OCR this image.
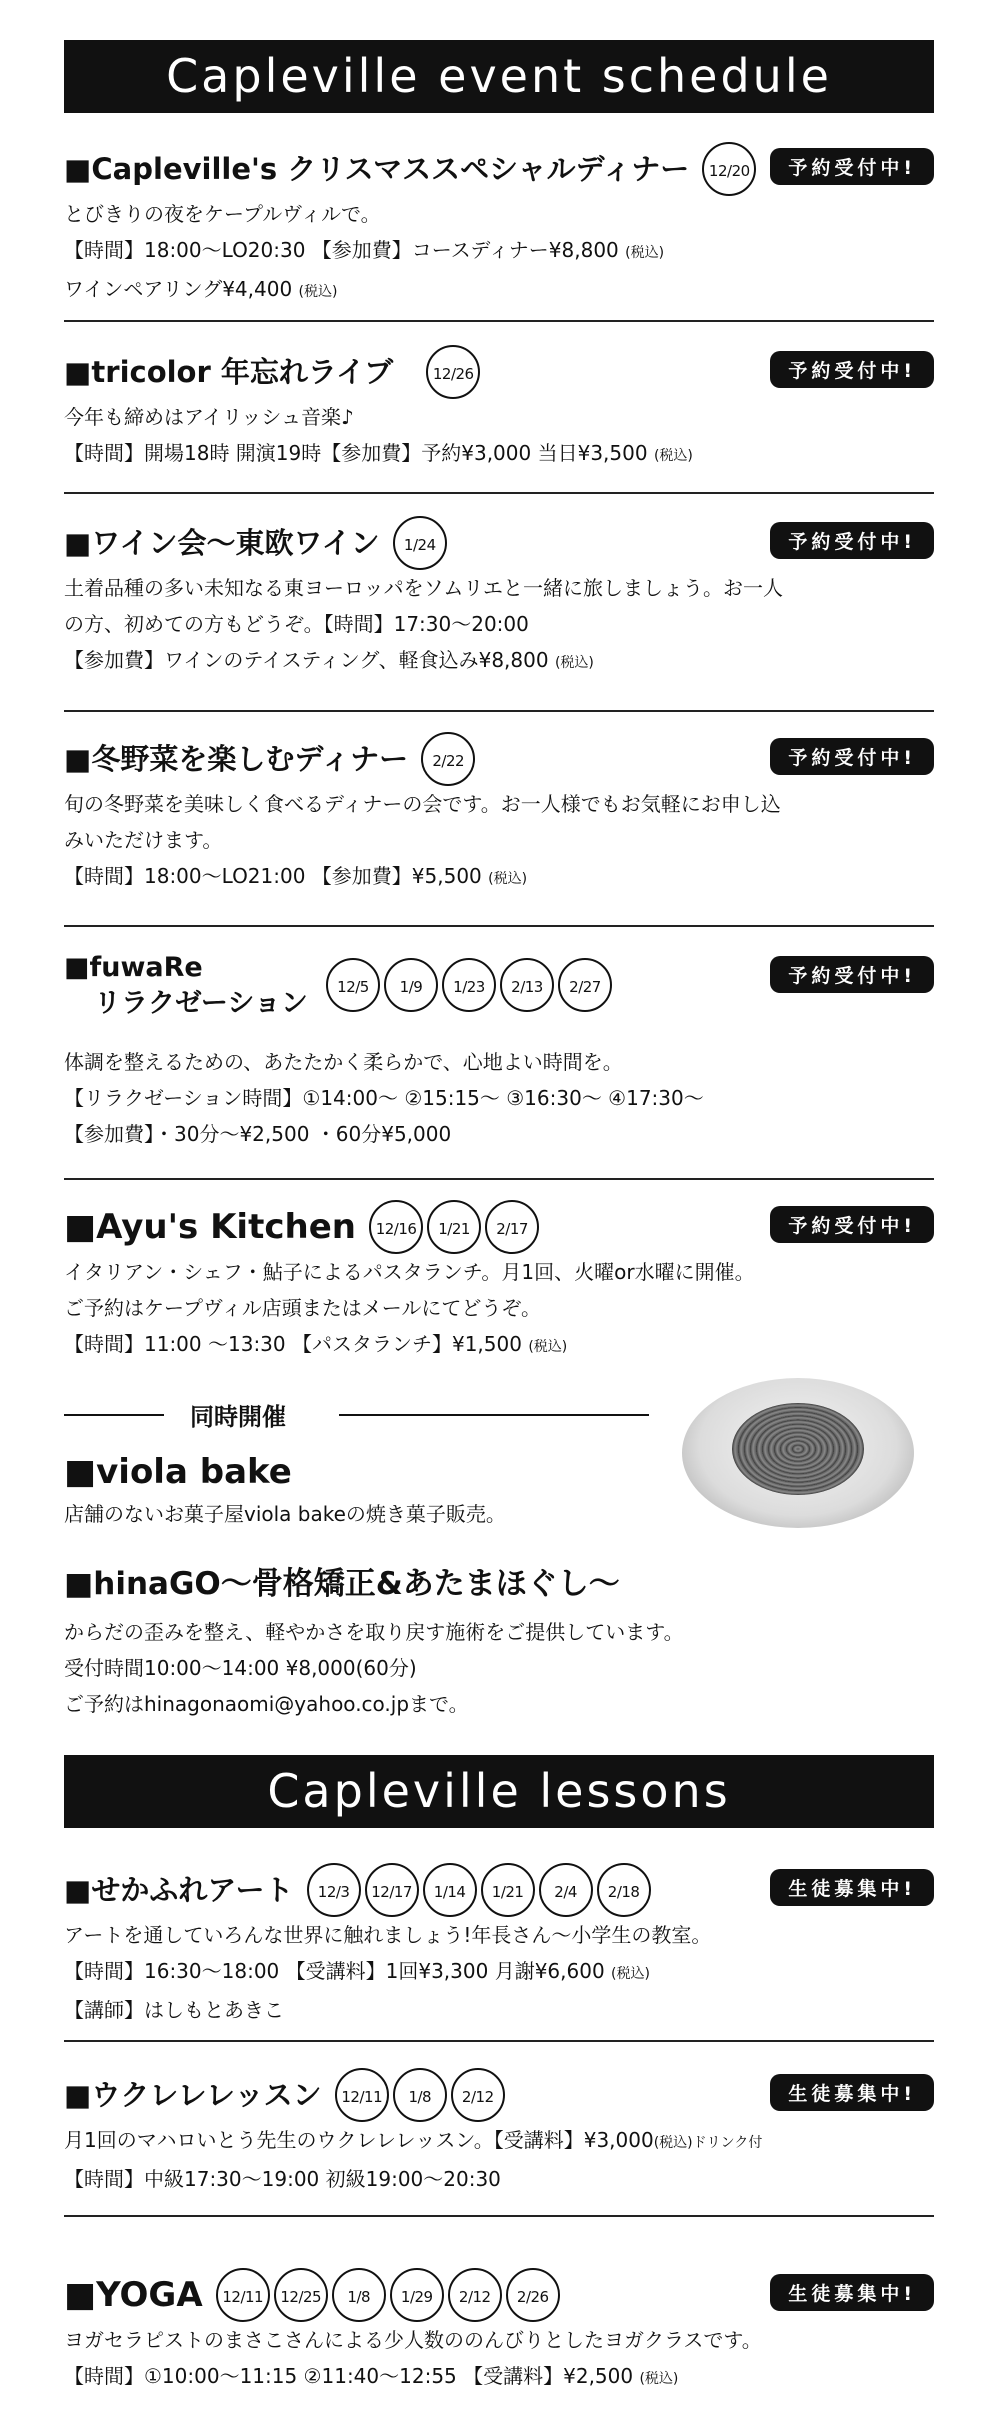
Capleville event schedule
■Capleville's クリスマススペシャルディナー 12/20	予約受付中!
とびきりの夜をケープルヴィルで。
【時間】18:00〜LO20:30 【参加費】コースディナー¥8,800 (税込)
ワインペアリング¥4,400 (税込)
■tricolor 年忘れライブ	12/26	予約受付中!
今年も締めはアイリッシュ音楽♪
【時間】開場18時 開演19時【参加費】予約¥3,000 当日¥3,500 (税込)
■ワイン会〜東欧ワイン 1/24	予約受付中!
土着品種の多い未知なる東ヨーロッパをソムリエと一緒に旅しましょう。お一人
の方、初めての方もどうぞ。【時間】17:30〜20:00
【参加費】ワインのテイスティング、軽食込み¥8,800 (税込)
■冬野菜を楽しむディナー 2/22	予約受付中!
旬の冬野菜を美味しく食べるディナーの会です。お一人様でもお気軽にお申し込
みいただけます。
【時間】18:00〜LO21:00 【参加費】¥5,500 (税込)
■fuwaRe
リラクゼーション
12/5 1/9 1/23 2/13 2/27	予約受付中!
体調を整えるための、あたたかく柔らかで、心地よい時間を。
【リラクゼーション時間】①14:00〜 ②15:15〜 ③16:30〜 ④17:30〜
【参加費】・30分〜¥2,500 ・60分¥5,000
■Ayu's Kitchen 12/16 1/21 2/17	予約受付中!
イタリアン・シェフ・鮎子によるパスタランチ。月1回、火曜or水曜に開催。
ご予約はケープヴィル店頭またはメールにてどうぞ。
【時間】11:00 〜13:30 【パスタランチ】¥1,500 (税込)
同時開催
■viola bake
店舗のないお菓子屋viola bakeの焼き菓子販売。
■hinaGO〜骨格矯正&あたまほぐし〜
からだの歪みを整え、軽やかさを取り戻す施術をご提供しています。
受付時間10:00〜14:00 ¥8,000(60分)
ご予約はhinagonaomi@yahoo.co.jpまで。
Capleville lessons
■せかふれアート 12/3 12/17 1/14 1/21 2/4 2/18	生徒募集中!
アートを通していろんな世界に触れましょう!年長さん〜小学生の教室。
【時間】16:30〜18:00 【受講料】1回¥3,300 月謝¥6,600 (税込)
【講師】はしもとあきこ
■ウクレレレッスン 12/11 1/8 2/12	生徒募集中!
月1回のマハロいとう先生のウクレレレッスン。【受講料】¥3,000(税込)ドリンク付
【時間】中級17:30〜19:00 初級19:00〜20:30
■YOGA 12/11 12/25 1/8 1/29 2/12 2/26	生徒募集中!
ヨガセラピストのまさこさんによる少人数ののんびりとしたヨガクラスです。
【時間】①10:00〜11:15 ②11:40〜12:55 【受講料】¥2,500 (税込)
